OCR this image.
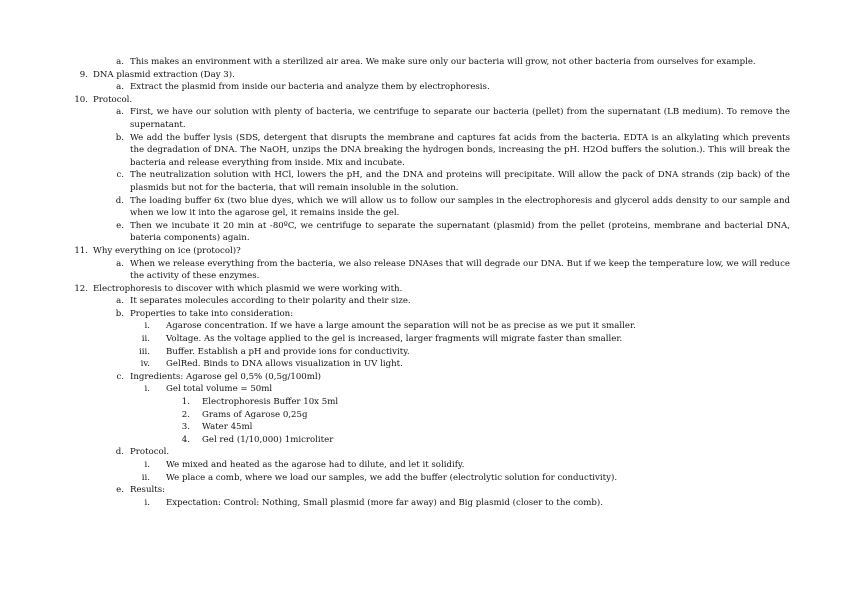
a. This makes an environment with a sterilized air area. We make sure only our bacteria will grow, not other bacteria from ourselves for example.
9. DNA plasmid extraction (Day 3).
a. Extract the plasmid from inside our bacteria and analyze them by electrophoresis.
10. Protocol.
a. First, we have our solution with plenty of bacteria, we centrifuge to separate our bacteria (pellet) from the supernatant (LB medium). To remove the supernatant.
b. We add the buffer lysis (SDS, detergent that disrupts the membrane and captures fat acids from the bacteria. EDTA is an alkylating which prevents the degradation of DNA. The NaOH, unzips the DNA breaking the hydrogen bonds, increasing the pH. H2Od buffers the solution.). This will break the bacteria and release everything from inside. Mix and incubate.
c. The neutralization solution with HCl, lowers the pH, and the DNA and proteins will precipitate. Will allow the pack of DNA strands (zip back) of the plasmids but not for the bacteria, that will remain insoluble in the solution.
d. The loading buffer 6x (two blue dyes, which we will allow us to follow our samples in the electrophoresis and glycerol adds density to our sample and when we low it into the agarose gel, it remains inside the gel.
e. Then we incubate it 20 min at -80ºC, we centrifuge to separate the supernatant (plasmid) from the pellet (proteins, membrane and bacterial DNA, bateria components) again.
11. Why everything on ice (protocol)?
a. When we release everything from the bacteria, we also release DNAses that will degrade our DNA. But if we keep the temperature low, we will reduce the activity of these enzymes.
12. Electrophoresis to discover with which plasmid we were working with.
a. It separates molecules according to their polarity and their size.
b. Properties to take into consideration:
i. Agarose concentration. If we have a large amount the separation will not be as precise as we put it smaller.
ii. Voltage. As the voltage applied to the gel is increased, larger fragments will migrate faster than smaller.
iii. Buffer. Establish a pH and provide ions for conductivity.
iv. GelRed. Binds to DNA allows visualization in UV light.
c. Ingredients: Agarose gel 0,5% (0,5g/100ml)
i. Gel total volume = 50ml
1. Electrophoresis Buffer 10x 5ml
2. Grams of Agarose 0,25g
3. Water 45ml
4. Gel red (1/10,000) 1microliter
d. Protocol.
i. We mixed and heated as the agarose had to dilute, and let it solidify.
ii. We place a comb, where we load our samples, we add the buffer (electrolytic solution for conductivity).
e. Results:
i. Expectation: Control: Nothing, Small plasmid (more far away) and Big plasmid (closer to the comb).
